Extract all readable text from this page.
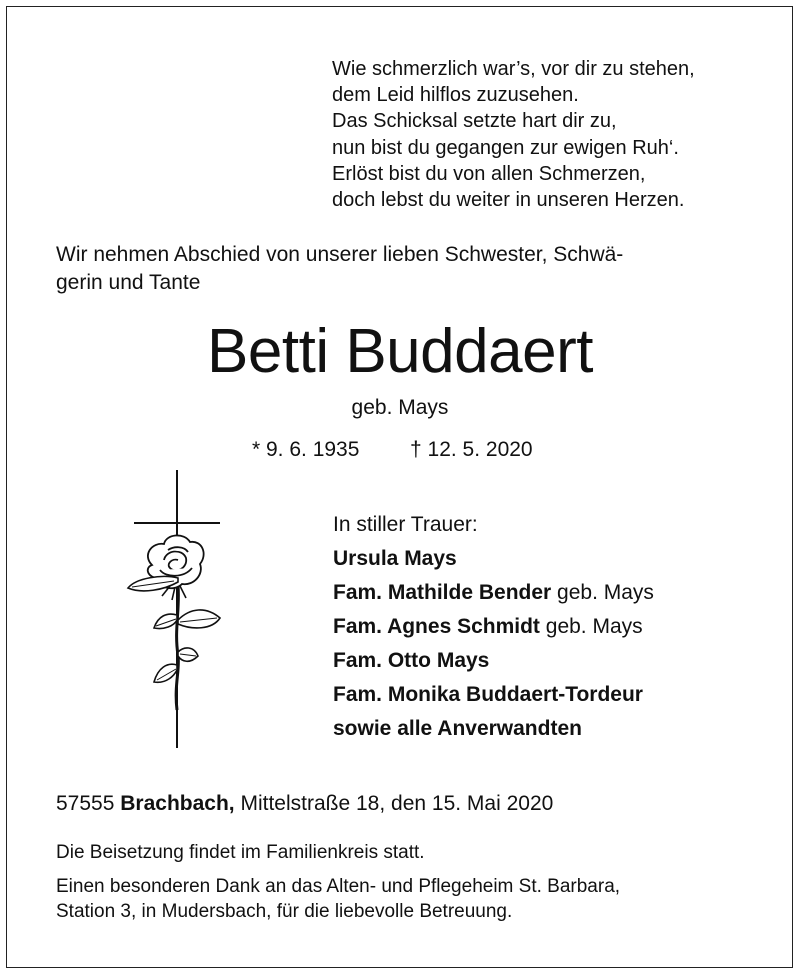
Wie schmerzlich war’s, vor dir zu stehen,
dem Leid hilflos zuzusehen.
Das Schicksal setzte hart dir zu,
nun bist du gegangen zur ewigen Ruh‘.
Erlöst bist du von allen Schmerzen,
doch lebst du weiter in unseren Herzen.
Wir nehmen Abschied von unserer lieben Schwester, Schwä-
gerin und Tante
Betti Buddaert
geb. Mays
* 9. 6. 1935 † 12. 5. 2020
In stiller Trauer:
Ursula Mays
Fam. Mathilde Bender geb. Mays
Fam. Agnes Schmidt geb. Mays
Fam. Otto Mays
Fam. Monika Buddaert-Tordeur
sowie alle Anverwandten
57555 Brachbach, Mittelstraße 18, den 15. Mai 2020
Die Beisetzung findet im Familienkreis statt.
Einen besonderen Dank an das Alten- und Pflegeheim St. Barbara,
Station 3, in Mudersbach, für die liebevolle Betreuung.
